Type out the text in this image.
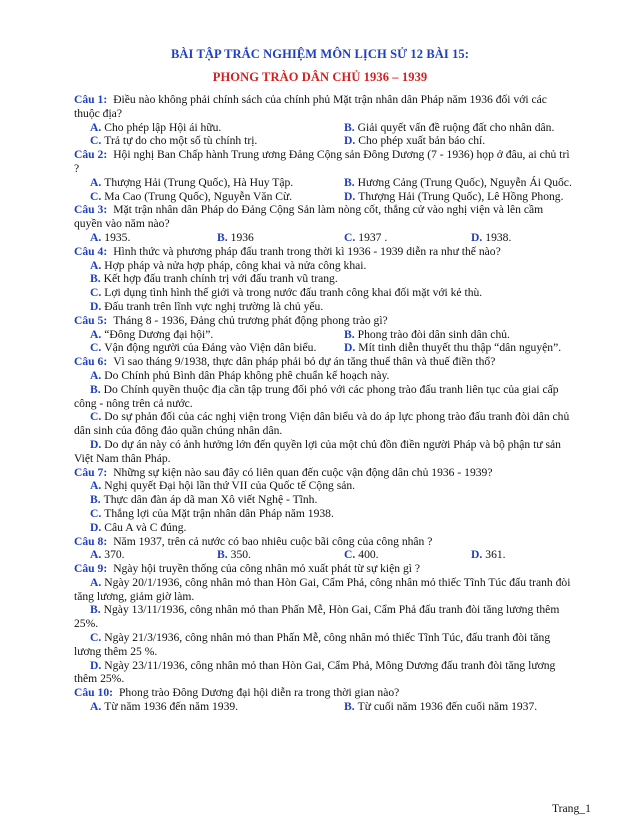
BÀI TẬP TRẮC NGHIỆM MÔN LỊCH SỬ 12 BÀI 15:
PHONG TRÀO DÂN CHỦ 1936 – 1939
Câu 1: Điều nào không phải chính sách của chính phủ Mặt trận nhân dân Pháp năm 1936 đối với các thuộc địa?
A. Cho phép lập Hội ái hữu.	B. Giải quyết vấn đề ruộng đất cho nhân dân.
C. Trả tự do cho một số tù chính trị.	D. Cho phép xuất bản báo chí.
Câu 2: Hội nghị Ban Chấp hành Trung ương Đảng Cộng sản Đông Dương (7 - 1936) họp ở đâu, ai chủ trì ?
A. Thượng Hải (Trung Quốc), Hà Huy Tập.	B. Hương Cảng (Trung Quốc), Nguyễn Ái Quốc.
C. Ma Cao (Trung Quốc), Nguyễn Văn Cừ.	D. Thượng Hải (Trung Quốc), Lê Hồng Phong.
Câu 3: Mặt trận nhân dân Pháp do Đảng Cộng Sản làm nòng cốt, thắng cử vào nghị viện và lên cầm quyền vào năm nào?
A. 1935.	B. 1936	C. 1937 .	D. 1938.
Câu 4: Hình thức và phương pháp đấu tranh trong thời kì 1936 - 1939 diễn ra như thế nào?
A. Hợp pháp và nửa hợp pháp, công khai và nửa công khai.
B. Kết hợp đấu tranh chính trị với đấu tranh vũ trang.
C. Lợi dụng tình hình thế giới và trong nước đấu tranh công khai đối mặt với kẻ thù.
D. Đấu tranh trên lĩnh vực nghị trường là chủ yếu.
Câu 5: Tháng 8 - 1936, Đảng chủ trương phát động phong trào gì?
A. “Đông Dương đại hội”.	B. Phong trào đòi dân sinh dân chủ.
C. Vận động người của Đảng vào Viện dân biểu.	D. Mít tinh diễn thuyết thu thập “dân nguyện”.
Câu 6: Vì sao tháng 9/1938, thực dân pháp phải bỏ dự án tăng thuế thân và thuế điền thổ?
A. Do Chính phủ Bình dân Pháp không phê chuẩn kế hoạch này.
B. Do Chính quyền thuộc địa cần tập trung đối phó với các phong trào đấu tranh liên tục của giai cấp công - nông trên cả nước.
C. Do sự phản đối của các nghị viện trong Viện dân biểu và do áp lực phong trào đấu tranh đòi dân chủ dân sinh của đông đảo quần chúng nhân dân.
D. Do dự án này có ảnh hưởng lớn đến quyền lợi của một chủ đồn điền người Pháp và bộ phận tư sản Việt Nam thân Pháp.
Câu 7: Những sự kiện nào sau đây có liên quan đến cuộc vận động dân chủ 1936 - 1939?
A. Nghị quyết Đại hội lần thứ VII của Quốc tế Cộng sản.
B. Thực dân đàn áp dã man Xô viết Nghệ - Tĩnh.
C. Thắng lợi của Mặt trận nhân dân Pháp năm 1938.
D. Câu A và C đúng.
Câu 8: Năm 1937, trên cả nước có bao nhiêu cuộc bãi công của công nhân ?
A. 370.	B. 350.	C. 400.	D. 361.
Câu 9: Ngày hội truyền thống của công nhân mỏ xuất phát từ sự kiện gì ?
A. Ngày 20/1/1936, công nhân mỏ than Hòn Gai, Cẩm Phả, công nhân mỏ thiếc Tĩnh Túc đấu tranh đòi tăng lương, giảm giờ làm.
B. Ngày 13/11/1936, công nhân mỏ than Phấn Mễ, Hòn Gai, Cẩm Phả đấu tranh đòi tăng lương thêm 25%.
C. Ngày 21/3/1936, công nhân mỏ than Phấn Mễ, công nhân mỏ thiếc Tĩnh Túc, đấu tranh đòi tăng lương thêm 25 %.
D. Ngày 23/11/1936, công nhân mỏ than Hòn Gai, Cẩm Phả, Mông Dương đấu tranh đòi tăng lương thêm 25%.
Câu 10: Phong trào Đông Dương đại hội diễn ra trong thời gian nào?
A. Từ năm 1936 đến năm 1939.	B. Từ cuối năm 1936 đến cuối năm 1937.
Trang_1
